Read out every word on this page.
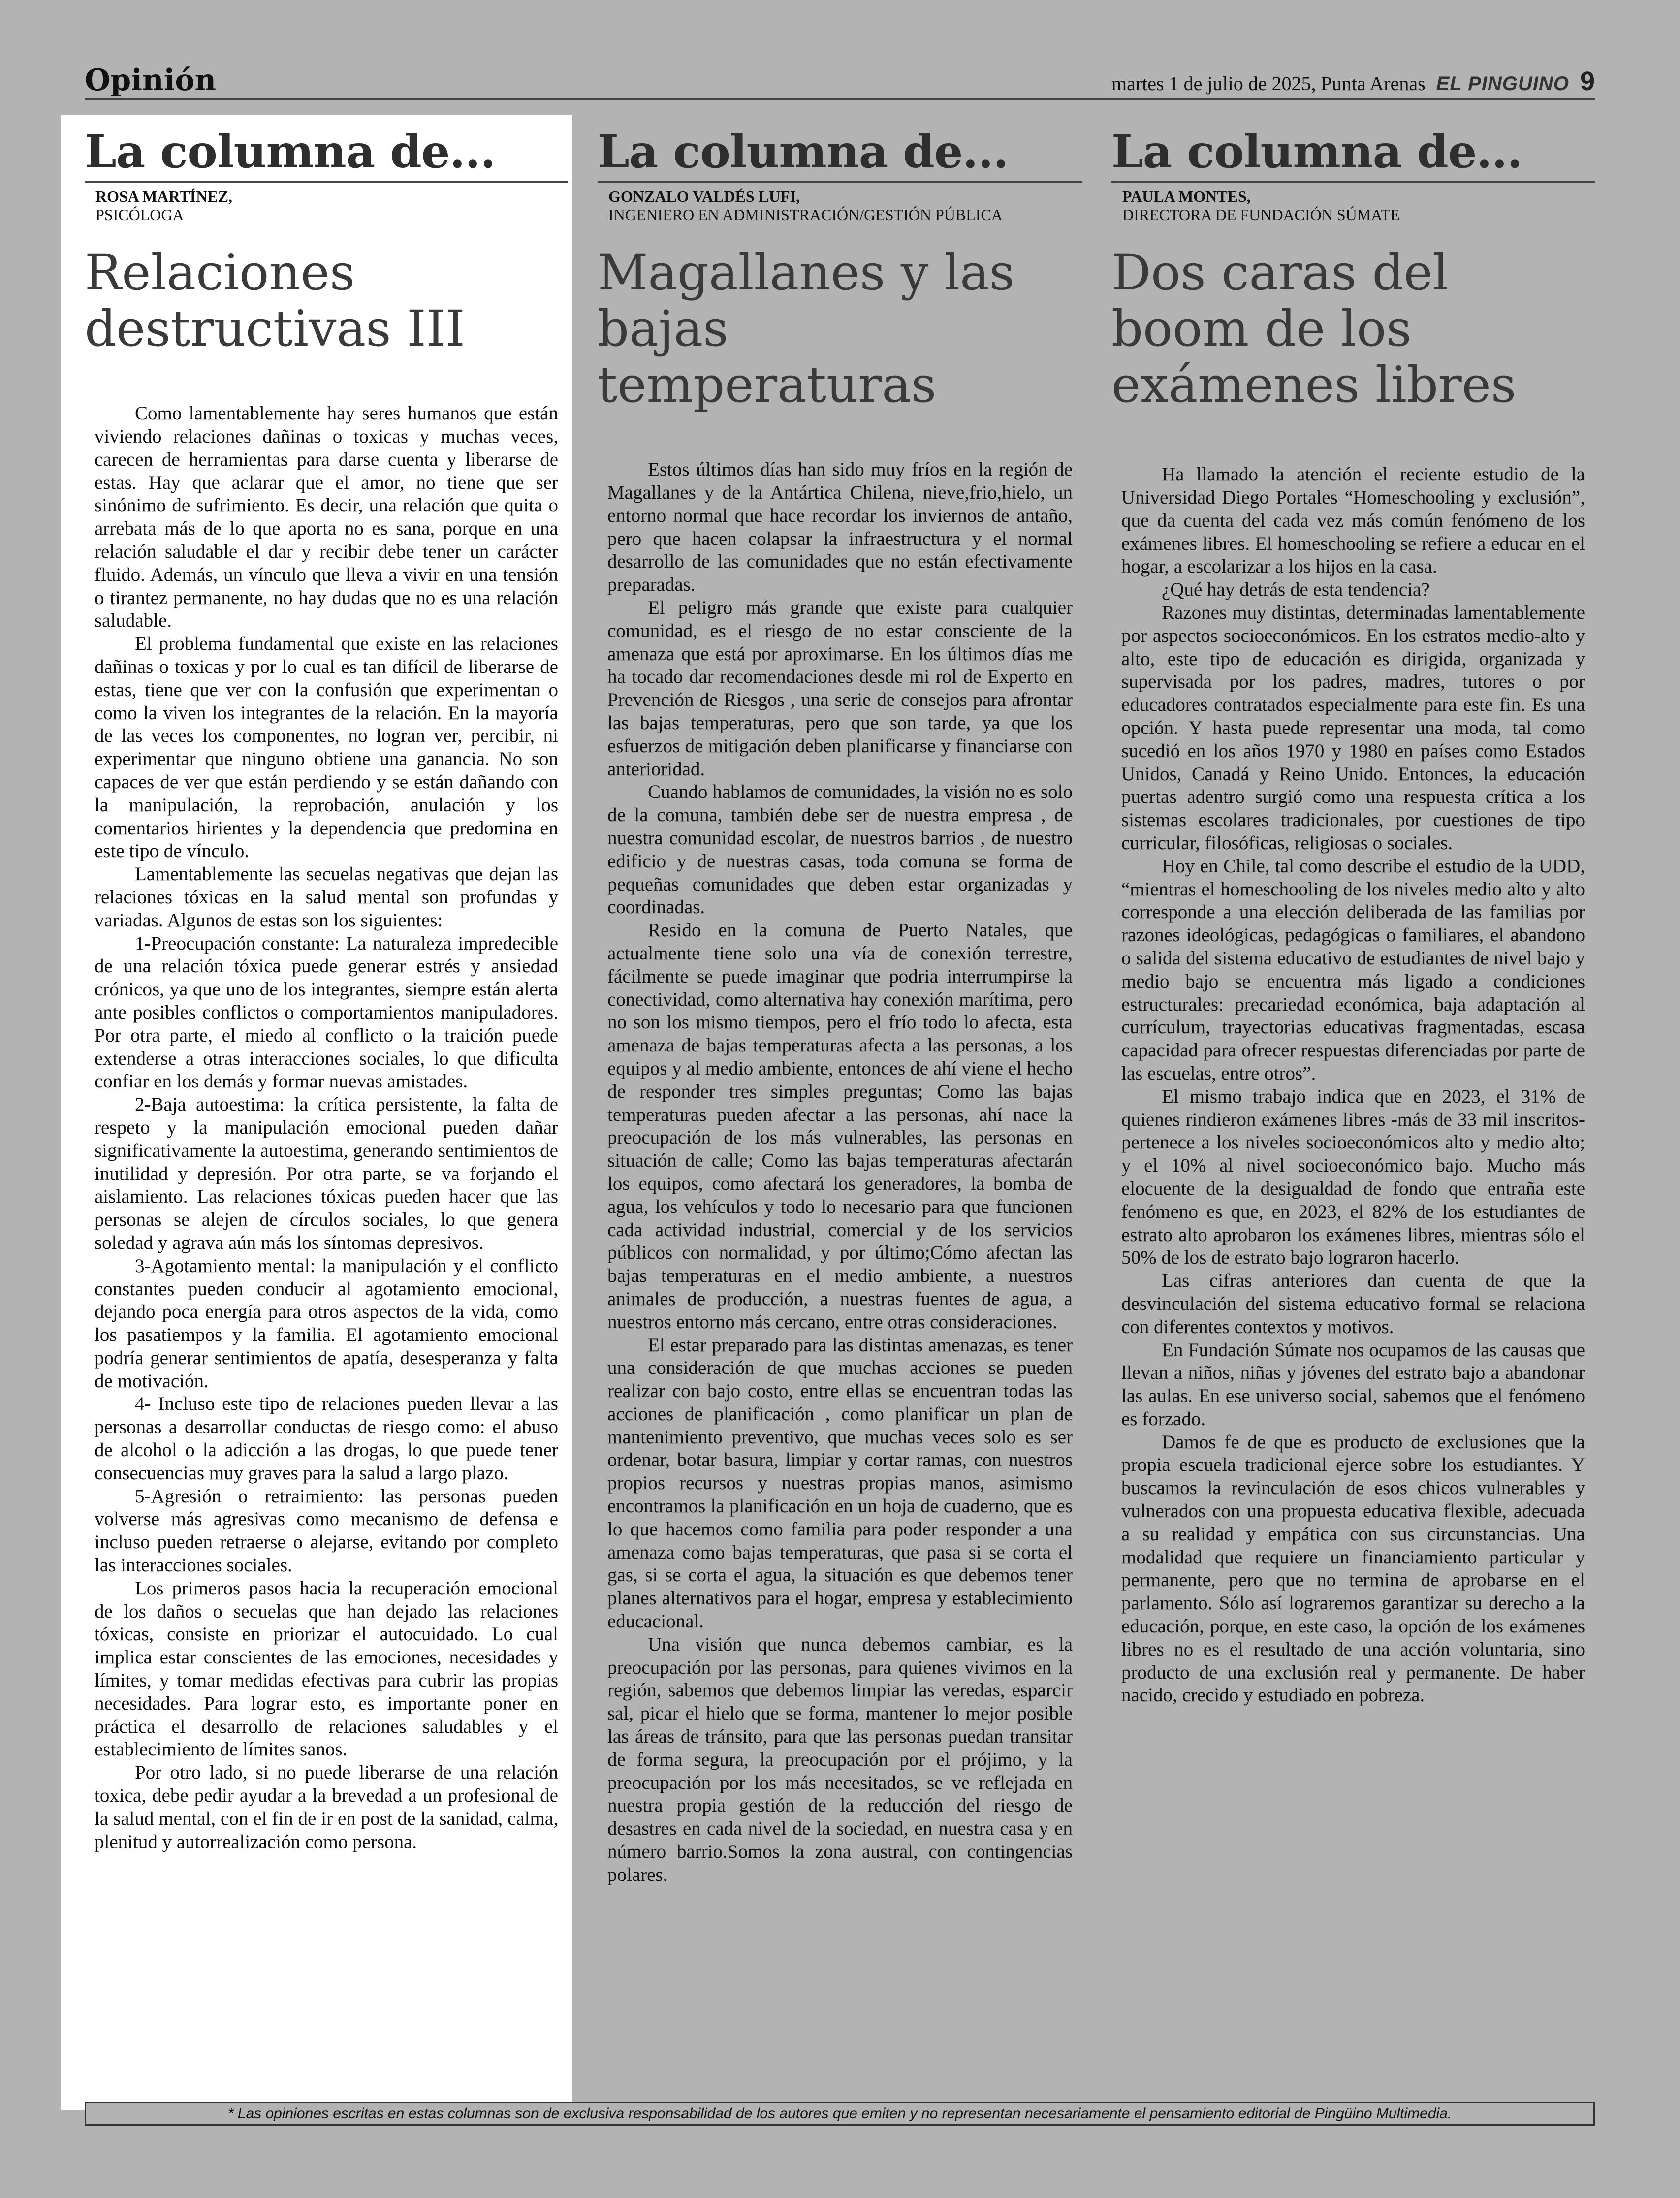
Opinión	martes 1 de julio de 2025, Punta Arenas EL PINGUINO 9
La columna de...
ROSA MARTÍNEZ,
PSICÓLOGA
Relaciones destructivas III

Como lamentablemente hay seres humanos que están viviendo relaciones dañinas o toxicas y muchas veces, carecen de herramientas para darse cuenta y liberarse de estas. Hay que aclarar que el amor, no tiene que ser sinónimo de sufrimiento. Es decir, una relación que quita o arrebata más de lo que aporta no es sana, porque en una relación saludable el dar y recibir debe tener un carácter fluido. Además, un vínculo que lleva a vivir en una tensión o tirantez permanente, no hay dudas que no es una relación saludable.

El problema fundamental que existe en las relaciones dañinas o toxicas y por lo cual es tan difícil de liberarse de estas, tiene que ver con la confusión que experimentan o como la viven los integrantes de la relación. En la mayoría de las veces los componentes, no logran ver, percibir, ni experimentar que ninguno obtiene una ganancia. No son capaces de ver que están perdiendo y se están dañando con la manipulación, la reprobación, anulación y los comentarios hirientes y la dependencia que predomina en este tipo de vínculo.

Lamentablemente las secuelas negativas que dejan las relaciones tóxicas en la salud mental son profundas y variadas. Algunos de estas son los siguientes:

1-Preocupación constante: La naturaleza impredecible de una relación tóxica puede generar estrés y ansiedad crónicos, ya que uno de los integrantes, siempre están alerta ante posibles conflictos o comportamientos manipuladores. Por otra parte, el miedo al conflicto o la traición puede extenderse a otras interacciones sociales, lo que dificulta confiar en los demás y formar nuevas amistades.

2-Baja autoestima: la crítica persistente, la falta de respeto y la manipulación emocional pueden dañar significativamente la autoestima, generando sentimientos de inutilidad y depresión. Por otra parte, se va forjando el aislamiento. Las relaciones tóxicas pueden hacer que las personas se alejen de círculos sociales, lo que genera soledad y agrava aún más los síntomas depresivos.

3-Agotamiento mental: la manipulación y el conflicto constantes pueden conducir al agotamiento emocional, dejando poca energía para otros aspectos de la vida, como los pasatiempos y la familia. El agotamiento emocional podría generar sentimientos de apatía, desesperanza y falta de motivación.

4- Incluso este tipo de relaciones pueden llevar a las personas a desarrollar conductas de riesgo como: el abuso de alcohol o la adicción a las drogas, lo que puede tener consecuencias muy graves para la salud a largo plazo.

5-Agresión o retraimiento: las personas pueden volverse más agresivas como mecanismo de defensa e incluso pueden retraerse o alejarse, evitando por completo las interacciones sociales.

Los primeros pasos hacia la recuperación emocional de los daños o secuelas que han dejado las relaciones tóxicas, consiste en priorizar el autocuidado. Lo cual implica estar conscientes de las emociones, necesidades y límites, y tomar medidas efectivas para cubrir las propias necesidades. Para lograr esto, es importante poner en práctica el desarrollo de relaciones saludables y el establecimiento de límites sanos.

Por otro lado, si no puede liberarse de una relación toxica, debe pedir ayudar a la brevedad a un profesional de la salud mental, con el fin de ir en post de la sanidad, calma, plenitud y autorrealización como persona.

La columna de...
GONZALO VALDÉS LUFI,
INGENIERO EN ADMINISTRACIÓN/GESTIÓN PÚBLICA
Magallanes y las bajas temperaturas

Estos últimos días han sido muy fríos en la región de Magallanes y de la Antártica Chilena, nieve,frio,hielo, un entorno normal que hace recordar los inviernos de antaño, pero que hacen colapsar la infraestructura y el normal desarrollo de las comunidades que no están efectivamente preparadas.

El peligro más grande que existe para cualquier comunidad, es el riesgo de no estar consciente de la amenaza que está por aproximarse. En los últimos días me ha tocado dar recomendaciones desde mi rol de Experto en Prevención de Riesgos , una serie de consejos para afrontar las bajas temperaturas, pero que son tarde, ya que los esfuerzos de mitigación deben planificarse y financiarse con anterioridad.

Cuando hablamos de comunidades, la visión no es solo de la comuna, también debe ser de nuestra empresa , de nuestra comunidad escolar, de nuestros barrios , de nuestro edificio y de nuestras casas, toda comuna se forma de pequeñas comunidades que deben estar organizadas y coordinadas.

Resido en la comuna de Puerto Natales, que actualmente tiene solo una vía de conexión terrestre, fácilmente se puede imaginar que podria interrumpirse la conectividad, como alternativa hay conexión marítima, pero no son los mismo tiempos, pero el frío todo lo afecta, esta amenaza de bajas temperaturas afecta a las personas, a los equipos y al medio ambiente, entonces de ahí viene el hecho de responder tres simples preguntas; Como las bajas temperaturas pueden afectar a las personas, ahí nace la preocupación de los más vulnerables, las personas en situación de calle; Como las bajas temperaturas afectarán los equipos, como afectará los generadores, la bomba de agua, los vehículos y todo lo necesario para que funcionen cada actividad industrial, comercial y de los servicios públicos con normalidad, y por último;Cómo afectan las bajas temperaturas en el medio ambiente, a nuestros animales de producción, a nuestras fuentes de agua, a nuestros entorno más cercano, entre otras consideraciones.

El estar preparado para las distintas amenazas, es tener una consideración de que muchas acciones se pueden realizar con bajo costo, entre ellas se encuentran todas las acciones de planificación , como planificar un plan de mantenimiento preventivo, que muchas veces solo es ser ordenar, botar basura, limpiar y cortar ramas, con nuestros propios recursos y nuestras propias manos, asimismo encontramos la planificación en un hoja de cuaderno, que es lo que hacemos como familia para poder responder a una amenaza como bajas temperaturas, que pasa si se corta el gas, si se corta el agua, la situación es que debemos tener planes alternativos para el hogar, empresa y establecimiento educacional.

Una visión que nunca debemos cambiar, es la preocupación por las personas, para quienes vivimos en la región, sabemos que debemos limpiar las veredas, esparcir sal, picar el hielo que se forma, mantener lo mejor posible las áreas de tránsito, para que las personas puedan transitar de forma segura, la preocupación por el prójimo, y la preocupación por los más necesitados, se ve reflejada en nuestra propia gestión de la reducción del riesgo de desastres en cada nivel de la sociedad, en nuestra casa y en número barrio.Somos la zona austral, con contingencias polares.

La columna de...
PAULA MONTES,
DIRECTORA DE FUNDACIÓN SÚMATE
Dos caras del boom de los exámenes libres

Ha llamado la atención el reciente estudio de la Universidad Diego Portales “Homeschooling y exclusión”, que da cuenta del cada vez más común fenómeno de los exámenes libres. El homeschooling se refiere a educar en el hogar, a escolarizar a los hijos en la casa.

¿Qué hay detrás de esta tendencia?

Razones muy distintas, determinadas lamentablemente por aspectos socioeconómicos. En los estratos medio-alto y alto, este tipo de educación es dirigida, organizada y supervisada por los padres, madres, tutores o por educadores contratados especialmente para este fin. Es una opción. Y hasta puede representar una moda, tal como sucedió en los años 1970 y 1980 en países como Estados Unidos, Canadá y Reino Unido. Entonces, la educación puertas adentro surgió como una respuesta crítica a los sistemas escolares tradicionales, por cuestiones de tipo curricular, filosóficas, religiosas o sociales.

Hoy en Chile, tal como describe el estudio de la UDD, “mientras el homeschooling de los niveles medio alto y alto corresponde a una elección deliberada de las familias por razones ideológicas, pedagógicas o familiares, el abandono o salida del sistema educativo de estudiantes de nivel bajo y medio bajo se encuentra más ligado a condiciones estructurales: precariedad económica, baja adaptación al currículum, trayectorias educativas fragmentadas, escasa capacidad para ofrecer respuestas diferenciadas por parte de las escuelas, entre otros”.

El mismo trabajo indica que en 2023, el 31% de quienes rindieron exámenes libres -más de 33 mil inscritos- pertenece a los niveles socioeconómicos alto y medio alto; y el 10% al nivel socioeconómico bajo. Mucho más elocuente de la desigualdad de fondo que entraña este fenómeno es que, en 2023, el 82% de los estudiantes de estrato alto aprobaron los exámenes libres, mientras sólo el 50% de los de estrato bajo lograron hacerlo.

Las cifras anteriores dan cuenta de que la desvinculación del sistema educativo formal se relaciona con diferentes contextos y motivos.

En Fundación Súmate nos ocupamos de las causas que llevan a niños, niñas y jóvenes del estrato bajo a abandonar las aulas. En ese universo social, sabemos que el fenómeno es forzado.

Damos fe de que es producto de exclusiones que la propia escuela tradicional ejerce sobre los estudiantes. Y buscamos la revinculación de esos chicos vulnerables y vulnerados con una propuesta educativa flexible, adecuada a su realidad y empática con sus circunstancias. Una modalidad que requiere un financiamiento particular y permanente, pero que no termina de aprobarse en el parlamento. Sólo así lograremos garantizar su derecho a la educación, porque, en este caso, la opción de los exámenes libres no es el resultado de una acción voluntaria, sino producto de una exclusión real y permanente. De haber nacido, crecido y estudiado en pobreza.

* Las opiniones escritas en estas columnas son de exclusiva responsabilidad de los autores que emiten y no representan necesariamente el pensamiento editorial de Pingüino Multimedia.
